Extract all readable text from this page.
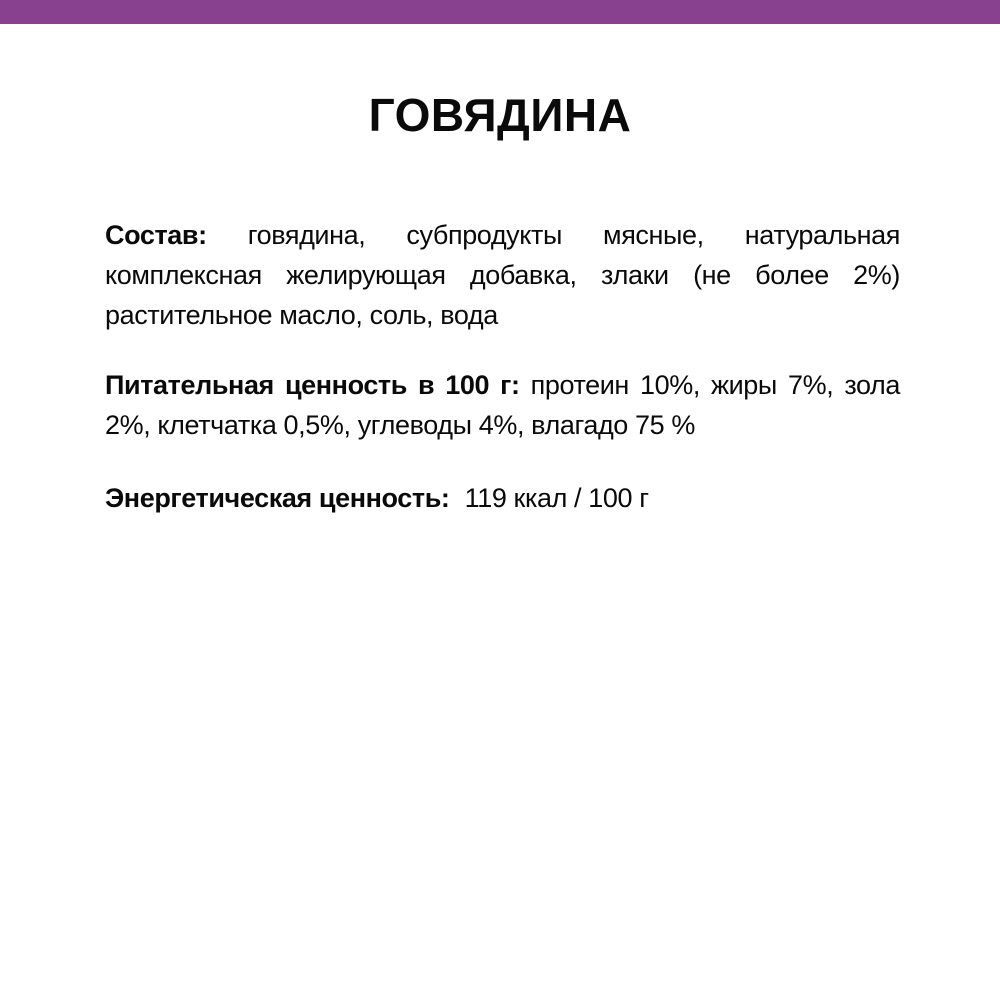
ГОВЯДИНА

Состав: говядина, субпродукты мясные, натуральная
комплексная желирующая добавка, злаки (не более 2%)
растительное масло, соль, вода

Питательная ценность в 100 г: протеин 10%, жиры 7%, зола
2%, клетчатка 0,5%, углеводы 4%, влагадо 75 %

Энергетическая ценность: 119 ккал / 100 г
